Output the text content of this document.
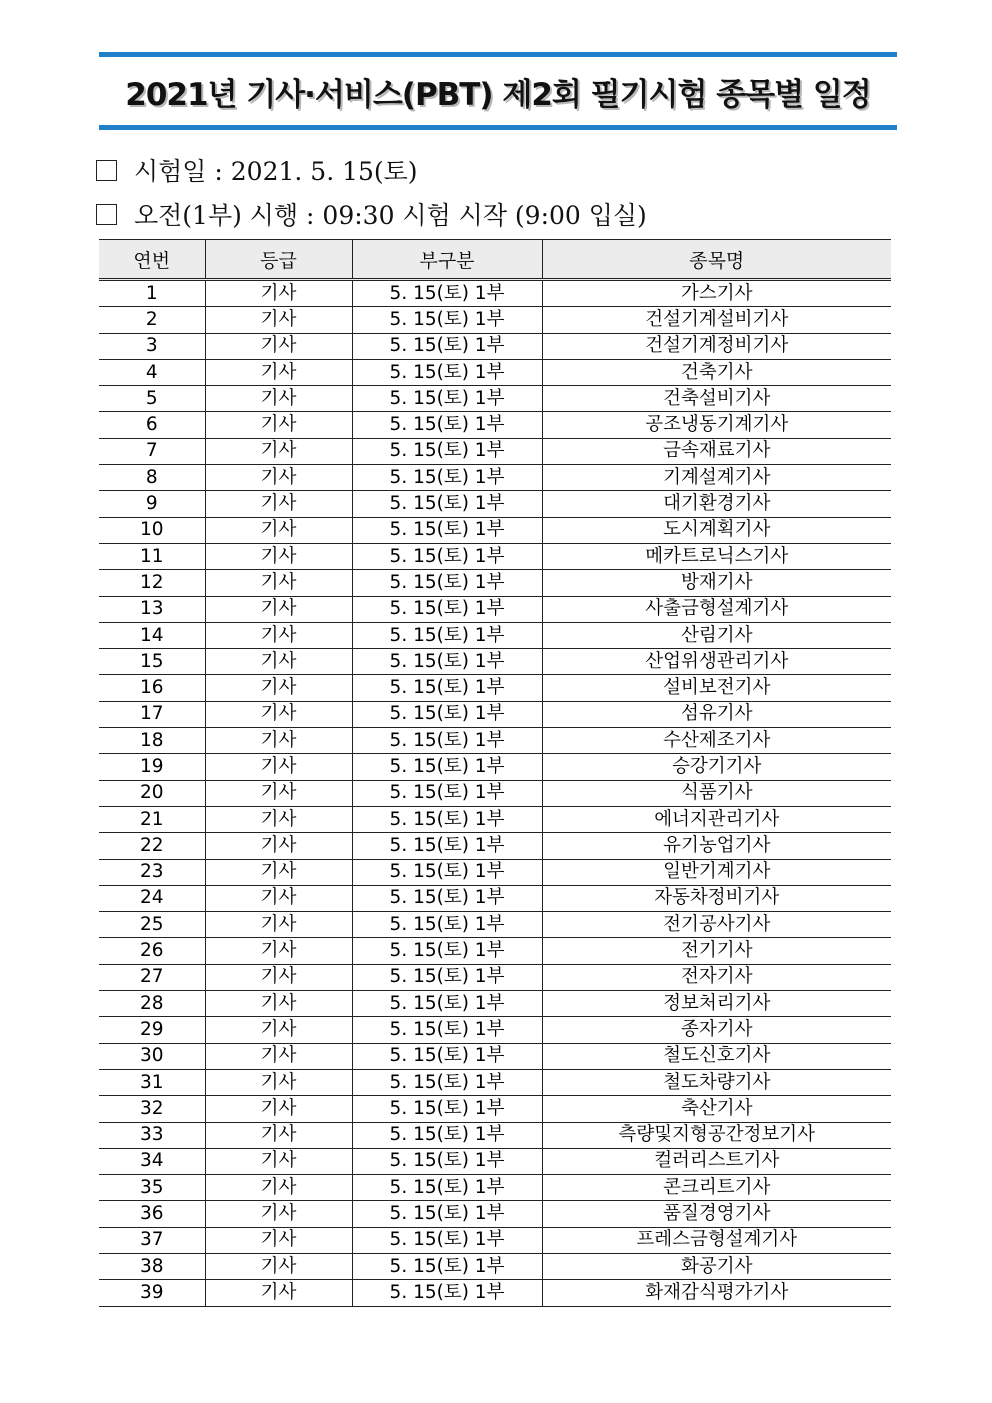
2021년 기사·서비스(PBT) 제2회 필기시험 종목별 일정
시험일 : 2021. 5. 15(토)
오전(1부) 시행 : 09:30 시험 시작 (9:00 입실)
연번	등급	부구분	종목명
1	기사	5. 15(토) 1부	가스기사
2	기사	5. 15(토) 1부	건설기계설비기사
3	기사	5. 15(토) 1부	건설기계정비기사
4	기사	5. 15(토) 1부	건축기사
5	기사	5. 15(토) 1부	건축설비기사
6	기사	5. 15(토) 1부	공조냉동기계기사
7	기사	5. 15(토) 1부	금속재료기사
8	기사	5. 15(토) 1부	기계설계기사
9	기사	5. 15(토) 1부	대기환경기사
10	기사	5. 15(토) 1부	도시계획기사
11	기사	5. 15(토) 1부	메카트로닉스기사
12	기사	5. 15(토) 1부	방재기사
13	기사	5. 15(토) 1부	사출금형설계기사
14	기사	5. 15(토) 1부	산림기사
15	기사	5. 15(토) 1부	산업위생관리기사
16	기사	5. 15(토) 1부	설비보전기사
17	기사	5. 15(토) 1부	섬유기사
18	기사	5. 15(토) 1부	수산제조기사
19	기사	5. 15(토) 1부	승강기기사
20	기사	5. 15(토) 1부	식품기사
21	기사	5. 15(토) 1부	에너지관리기사
22	기사	5. 15(토) 1부	유기농업기사
23	기사	5. 15(토) 1부	일반기계기사
24	기사	5. 15(토) 1부	자동차정비기사
25	기사	5. 15(토) 1부	전기공사기사
26	기사	5. 15(토) 1부	전기기사
27	기사	5. 15(토) 1부	전자기사
28	기사	5. 15(토) 1부	정보처리기사
29	기사	5. 15(토) 1부	종자기사
30	기사	5. 15(토) 1부	철도신호기사
31	기사	5. 15(토) 1부	철도차량기사
32	기사	5. 15(토) 1부	축산기사
33	기사	5. 15(토) 1부	측량및지형공간정보기사
34	기사	5. 15(토) 1부	컬러리스트기사
35	기사	5. 15(토) 1부	콘크리트기사
36	기사	5. 15(토) 1부	품질경영기사
37	기사	5. 15(토) 1부	프레스금형설계기사
38	기사	5. 15(토) 1부	화공기사
39	기사	5. 15(토) 1부	화재감식평가기사
